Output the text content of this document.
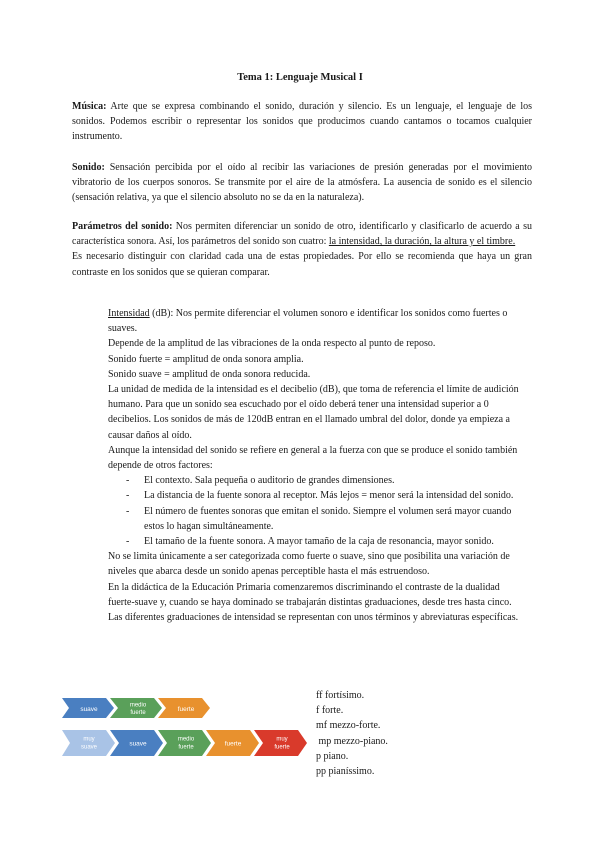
Tema 1: Lenguaje Musical I

Música: Arte que se expresa combinando el sonido, duración y silencio. Es un lenguaje, el lenguaje de los sonidos. Podemos escribir o representar los sonidos que producimos cuando cantamos o tocamos cualquier instrumento.

Sonido: Sensación percibida por el oído al recibir las variaciones de presión generadas por el movimiento vibratorio de los cuerpos sonoros. Se transmite por el aire de la atmósfera. La ausencia de sonido es el silencio (sensación relativa, ya que el silencio absoluto no se da en la naturaleza).

Parámetros del sonido: Nos permiten diferenciar un sonido de otro, identificarlo y clasificarlo de acuerdo a su característica sonora. Así, los parámetros del sonido son cuatro: la intensidad, la duración, la altura y el timbre.
Es necesario distinguir con claridad cada una de estas propiedades. Por ello se recomienda que haya un gran contraste en los sonidos que se quieran comparar.

Intensidad (dB): Nos permite diferenciar el volumen sonoro e identificar los sonidos como fuertes o suaves.

Depende de la amplitud de las vibraciones de la onda respecto al punto de reposo.

Sonido fuerte = amplitud de onda sonora amplia.

Sonido suave = amplitud de onda sonora reducida.

La unidad de medida de la intensidad es el decibelio (dB), que toma de referencia el límite de audición humano. Para que un sonido sea escuchado por el oído deberá tener una intensidad superior a 0 decibelios. Los sonidos de más de 120dB entran en el llamado umbral del dolor, donde ya empieza a causar daños al oído.

Aunque la intensidad del sonido se refiere en general a la fuerza con que se produce el sonido también depende de otros factores:

- El contexto. Sala pequeña o auditorio de grandes dimensiones.

- La distancia de la fuente sonora al receptor. Más lejos = menor será la intensidad del sonido.

- El número de fuentes sonoras que emitan el sonido. Siempre el volumen será mayor cuando estos lo hagan simultáneamente.

- El tamaño de la fuente sonora. A mayor tamaño de la caja de resonancia, mayor sonido.

No se limita únicamente a ser categorizada como fuerte o suave, sino que posibilita una variación de niveles que abarca desde un sonido apenas perceptible hasta el más estruendoso.

En la didáctica de la Educación Primaria comenzaremos discriminando el contraste de la dualidad fuerte-suave y, cuando se haya dominado se trabajarán distintas graduaciones, desde tres hasta cinco.

Las diferentes graduaciones de intensidad se representan con unos términos y abreviaturas específicas.

suave
medio
fuerte	fuerte
muy
suave	suave
medio
fuerte	fuerte
muy
fuerte
ff fortísimo.
f forte.
mf mezzo-forte.
mp mezzo-piano.
p piano.
pp pianíssimo.
